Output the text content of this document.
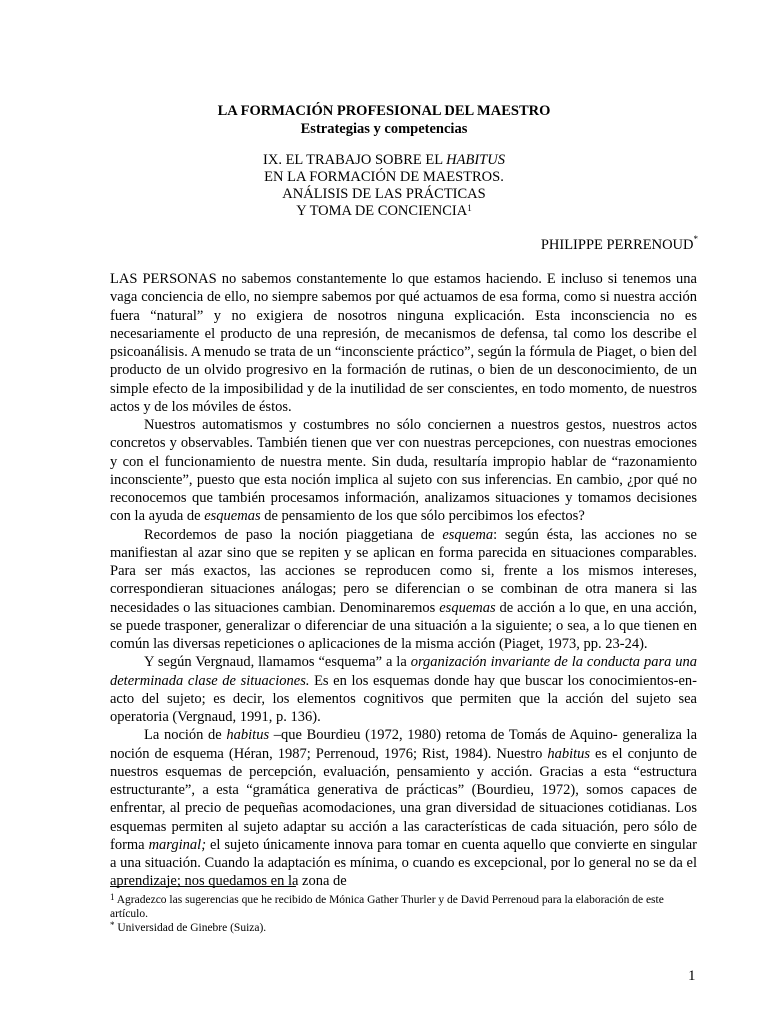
LA FORMACIÓN PROFESIONAL DEL MAESTRO
Estrategias y competencias
IX. EL TRABAJO SOBRE EL HABITUS
EN LA FORMACIÓN DE MAESTROS.
ANÁLISIS DE LAS PRÁCTICAS
Y TOMA DE CONCIENCIA$^1$
PHILIPPE PERRENOUD*

LAS PERSONAS no sabemos constantemente lo que estamos haciendo. E incluso si tenemos una vaga conciencia de ello, no siempre sabemos por qué actuamos de esa forma, como si nuestra acción fuera “natural” y no exigiera de nosotros ninguna explicación. Esta inconsciencia no es necesariamente el producto de una represión, de mecanismos de defensa, tal como los describe el psicoanálisis. A menudo se trata de un “inconsciente práctico”, según la fórmula de Piaget, o bien del producto de un olvido progresivo en la formación de rutinas, o bien de un desconocimiento, de un simple efecto de la imposibilidad y de la inutilidad de ser conscientes, en todo momento, de nuestros actos y de los móviles de éstos.

Nuestros automatismos y costumbres no sólo conciernen a nuestros gestos, nuestros actos concretos y observables. También tienen que ver con nuestras percepciones, con nuestras emociones y con el funcionamiento de nuestra mente. Sin duda, resultaría impropio hablar de “razonamiento inconsciente”, puesto que esta noción implica al sujeto con sus inferencias. En cambio, ¿por qué no reconocemos que también procesamos información, analizamos situaciones y tomamos decisiones con la ayuda de esquemas de pensamiento de los que sólo percibimos los efectos?

Recordemos de paso la noción piaggetiana de esquema: según ésta, las acciones no se manifiestan al azar sino que se repiten y se aplican en forma parecida en situaciones comparables. Para ser más exactos, las acciones se reproducen como si, frente a los mismos intereses, correspondieran situaciones análogas; pero se diferencian o se combinan de otra manera si las necesidades o las situaciones cambian. Denominaremos esquemas de acción a lo que, en una acción, se puede trasponer, generalizar o diferenciar de una situación a la siguiente; o sea, a lo que tienen en común las diversas repeticiones o aplicaciones de la misma acción (Piaget, 1973, pp. 23-24).

Y según Vergnaud, llamamos “esquema” a la organización invariante de la conducta para una determinada clase de situaciones. Es en los esquemas donde hay que buscar los conocimientos-en-acto del sujeto; es decir, los elementos cognitivos que permiten que la acción del sujeto sea operatoria (Vergnaud, 1991, p. 136).

La noción de habitus –que Bourdieu (1972, 1980) retoma de Tomás de Aquino- generaliza la noción de esquema (Héran, 1987; Perrenoud, 1976; Rist, 1984). Nuestro habitus es el conjunto de nuestros esquemas de percepción, evaluación, pensamiento y acción. Gracias a esta “estructura estructurante”, a esta “gramática generativa de prácticas” (Bourdieu, 1972), somos capaces de enfrentar, al precio de pequeñas acomodaciones, una gran diversidad de situaciones cotidianas. Los esquemas permiten al sujeto adaptar su acción a las características de cada situación, pero sólo de forma marginal; el sujeto únicamente innova para tomar en cuenta aquello que convierte en singular a una situación. Cuando la adaptación es mínima, o cuando es excepcional, por lo general no se da el aprendizaje; nos quedamos en la zona de

$^1$ Agradezco las sugerencias que he recibido de Mónica Gather Thurler y de David Perrenoud para la elaboración de este artículo.
* Universidad de Ginebre (Suiza).
1
